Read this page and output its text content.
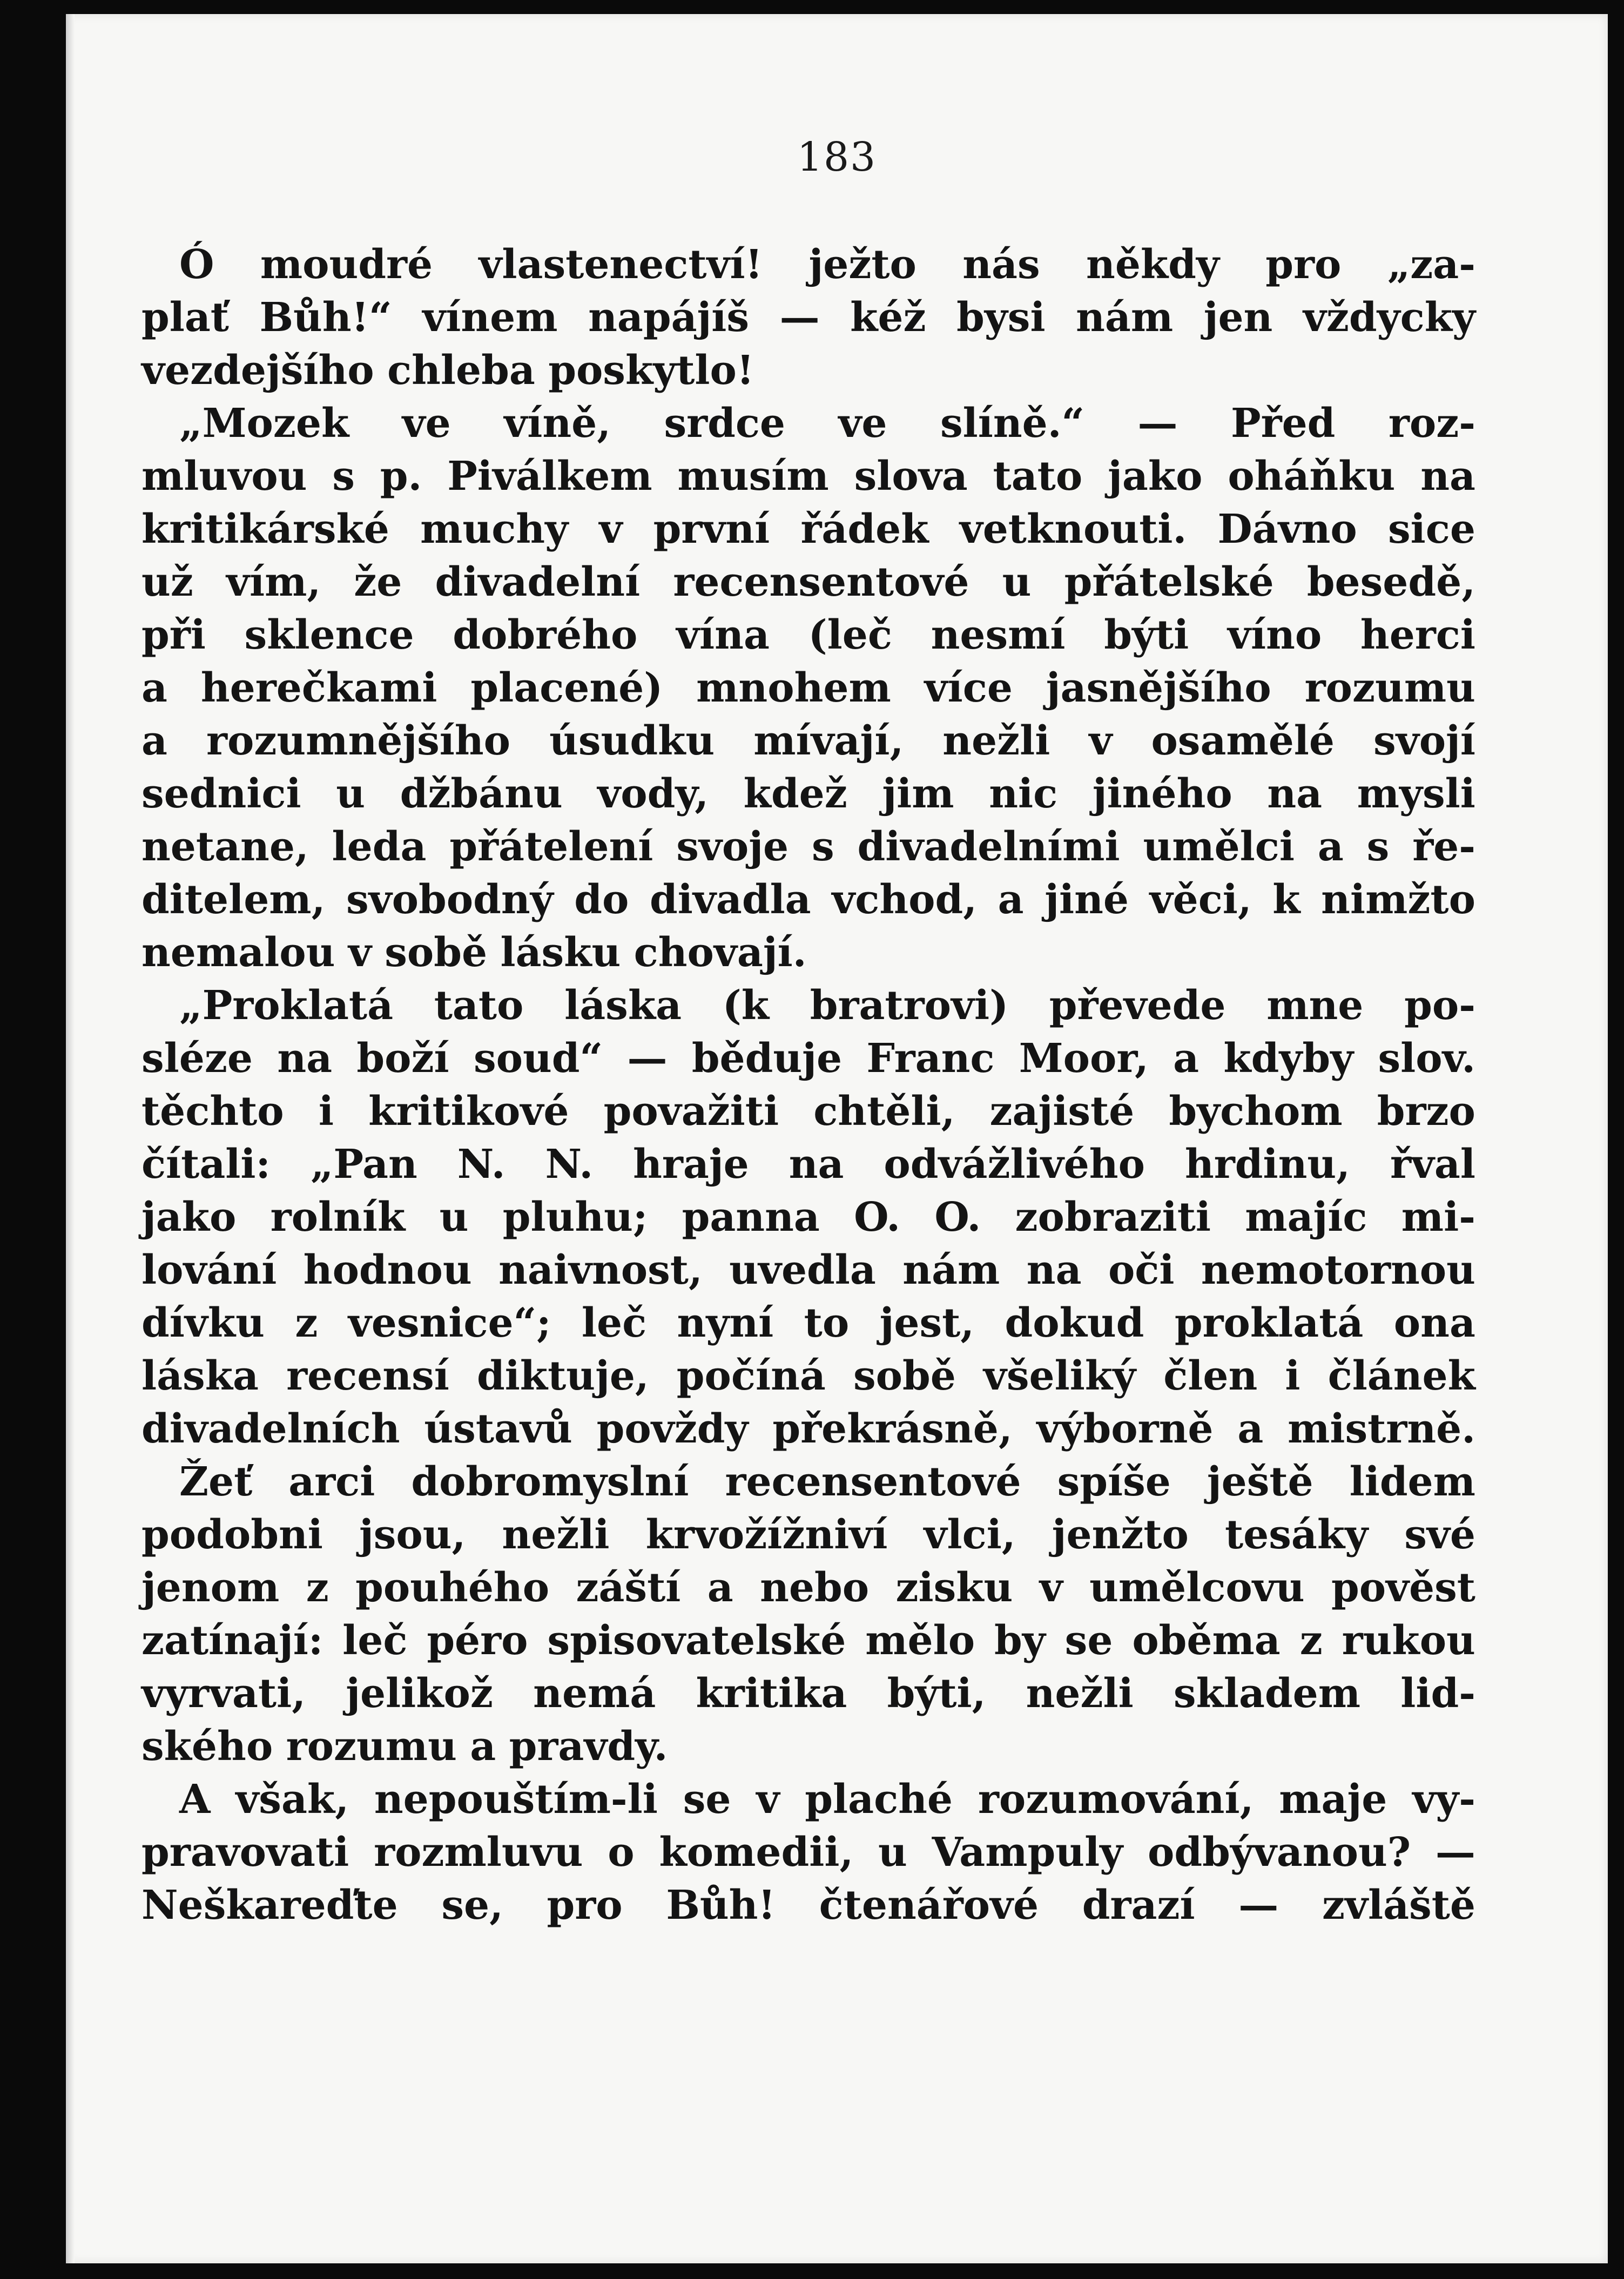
183
Ó moudré vlastenectví! ježto nás někdy pro „za-
plať Bůh!“ vínem napájíš — kéž bysi nám jen vždycky
vezdejšího chleba poskytlo!
„Mozek ve víně, srdce ve slíně.“ — Před roz-
mluvou s p. Piválkem musím slova tato jako oháňku na
kritikárské muchy v první řádek vetknouti. Dávno sice
už vím, že divadelní recensentové u přátelské besedě,
při sklence dobrého vína (leč nesmí býti víno herci
a herečkami placené) mnohem více jasnějšího rozumu
a rozumnějšího úsudku mívají, nežli v osamělé svojí
sednici u džbánu vody, kdež jim nic jiného na mysli
netane, leda přátelení svoje s divadelními umělci a s ře-
ditelem, svobodný do divadla vchod, a jiné věci, k nimžto
nemalou v sobě lásku chovají.
„Proklatá tato láska (k bratrovi) převede mne po-
sléze na boží soud“ — běduje Franc Moor, a kdyby slov.
těchto i kritikové považiti chtěli, zajisté bychom brzo
čítali: „Pan N. N. hraje na odvážlivého hrdinu, řval
jako rolník u pluhu; panna O. O. zobraziti majíc mi-
lování hodnou naivnost, uvedla nám na oči nemotornou
dívku z vesnice“; leč nyní to jest, dokud proklatá ona
láska recensí diktuje, počíná sobě všeliký člen i článek
divadelních ústavů povždy překrásně, výborně a mistrně.
Žeť arci dobromyslní recensentové spíše ještě lidem
podobni jsou, nežli krvožížniví vlci, jenžto tesáky své
jenom z pouhého záští a nebo zisku v umělcovu pověst
zatínají: leč péro spisovatelské mělo by se oběma z rukou
vyrvati, jelikož nemá kritika býti, nežli skladem lid-
ského rozumu a pravdy.
A však, nepouštím-li se v plaché rozumování, maje vy-
pravovati rozmluvu o komedii, u Vampuly odbývanou? —
Neškareďte se, pro Bůh! čtenářové drazí — zvláště
